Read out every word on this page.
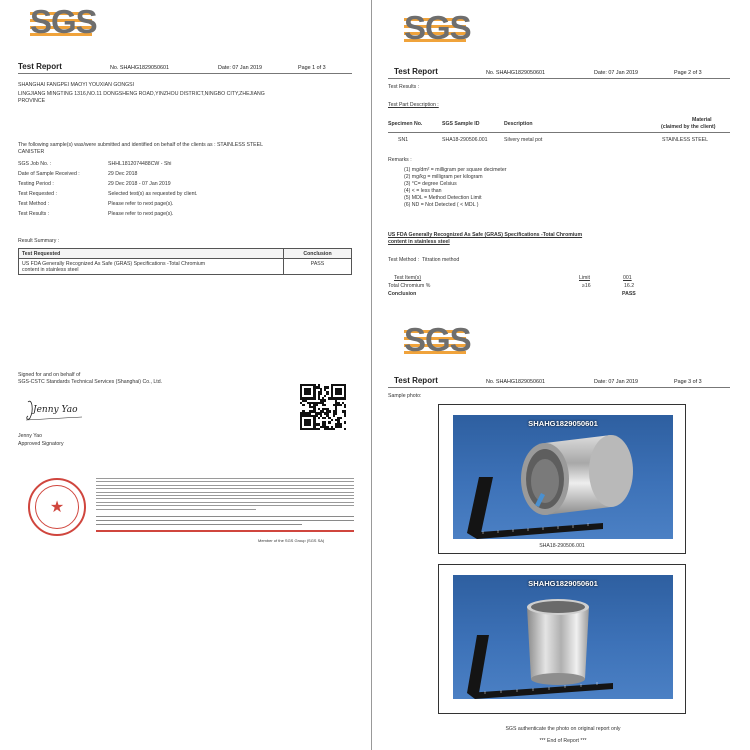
SGS
Test Report	No. SHAHG1829050601	Date: 07 Jan 2019	Page 1 of 3
SHANGHAI FANGPEI MAOYI YOUXIAN GONGSI
LINGJIANG MINGTING 1316,NO.11 DONGSHENG ROAD,YINZHOU DISTRICT,NINGBO CITY,ZHEJIANG
PROVINCE
The following sample(s) was/were submitted and identified on behalf of the clients as : STAINLESS STEEL
CANISTER
SGS Job No. :	SHHL1812074488CW - Shi
Date of Sample Received :	29 Dec 2018
Testing Period :	29 Dec 2018 - 07 Jan 2019
Test Requested :	Selected test(s) as requested by client.
Test Method :	Please refer to next page(s).
Test Results :	Please refer to next page(s).
Result Summary :
Test Requested	Conclusion

US FDA Generally Recognized As Safe (GRAS) Specifications -Total Chromium
content in stainless steel	PASS
Signed for and on behalf of
SGS-CSTC Standards Technical Services (Shanghai) Co., Ltd.
Jenny Yao
Jenny Yao
Approved Signatory
★
Member of the SGS Group (SGS SA)
SGS
Test Report	No. SHAHG1829050601	Date: 07 Jan 2019	Page 2 of 3
Test Results :
Test Part Description :
Specimen No.	SGS Sample ID	Description
Material
(claimed by the client)
SN1	SHA18-290506.001	Silvery metal pot	STAINLESS STEEL
Remarks :
(1) mg/dm² = milligram per square decimeter
(2) mg/kg = milligram per kilogram
(3) °C= degree Celsius
(4) < = less than
(5) MDL = Method Detection Limit
(6) ND = Not Detected ( < MDL )
US FDA Generally Recognized As Safe (GRAS) Specifications -Total Chromium
content in stainless steel
Test Method : Titration method
Test Item(s)	Limit	001
Total Chromium %	≥16	16.2
Conclusion	PASS
SGS
Test Report	No. SHAHG1829050601	Date: 07 Jan 2019	Page 3 of 3
Sample photo:
SHAHG1829050601
SHA18-290506.001
SHAHG1829050601
SGS authenticate the photo on original report only
*** End of Report ***
